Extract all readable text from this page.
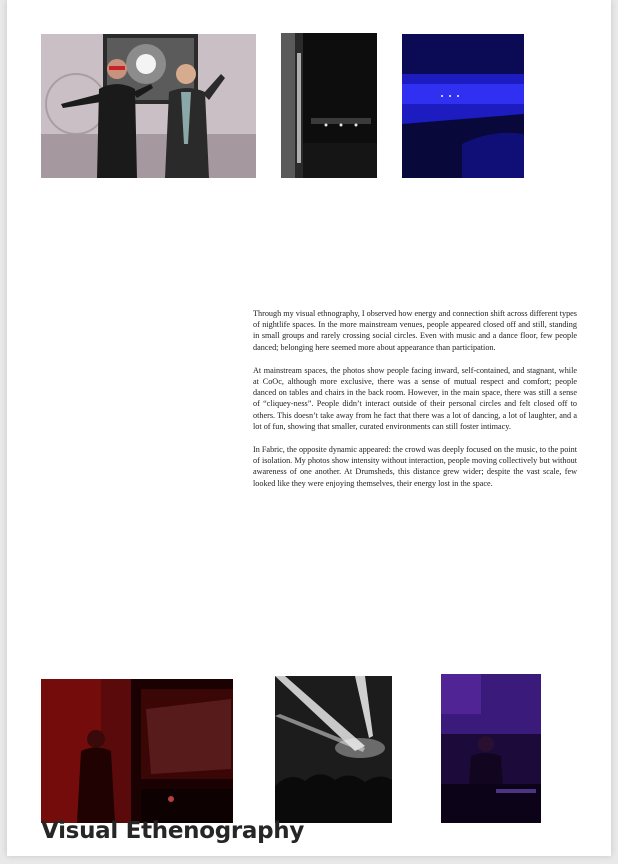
Through my visual ethnography, I observed how energy and connection shift across different types of nightlife spaces. In the more mainstream venues, people appeared closed off and still, standing in small groups and rarely crossing social circles. Even with music and a dance floor, few people danced; belonging here seemed more about appearance than participation.

At mainstream spaces, the photos show people facing inward, self-contained, and stagnant, while at CoOc, although more exclusive, there was a sense of mutual respect and comfort; people danced on tables and chairs in the back room. However, in the main space, there was still a sense of “cliquey-ness”. People didn’t interact outside of their personal circles and felt closed off to others. This doesn’t take away from he fact that there was a lot of dancing, a lot of laughter, and a lot of fun, showing that smaller, curated environments can still foster intimacy.

In Fabric, the opposite dynamic appeared: the crowd was deeply focused on the music, to the point of isolation. My photos show intensity without interaction, people moving collectively but without awareness of one another. At Drumsheds, this distance grew wider; despite the vast scale, few looked like they were enjoying themselves, their energy lost in the space.

Visual Ethenography
